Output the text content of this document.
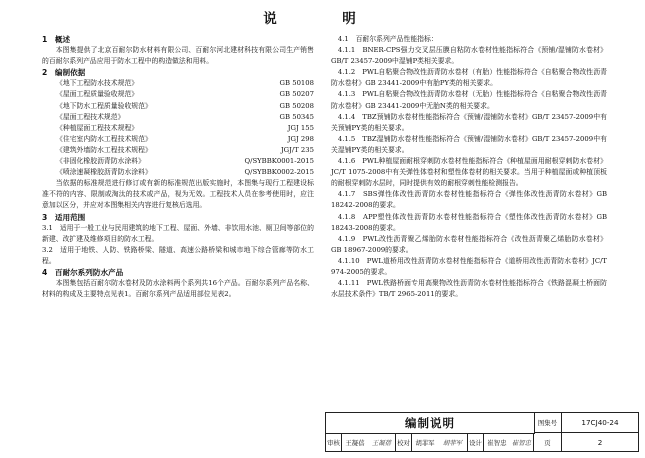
说　明
1　概述
本图集提供了北京百耐尔防水材料有限公司、百耐尔河北建材科技有限公司生产销售的百耐尔系列产品应用于防水工程中的构造做法和用料。
2　编制依据
《地下工程防水技术规范》	GB 50108
《屋面工程质量验收规范》	GB 50207
《地下防水工程质量验收规范》	GB 50208
《屋面工程技术规范》	GB 50345
《种植屋面工程技术规程》	JGJ 155
《住宅室内防水工程技术规范》	JGJ 298
《建筑外墙防水工程技术规程》	JGJ/T 235
《非固化橡胶沥青防水涂料》	Q/SYBBK0001-2015
《喷涂速凝橡胶沥青防水涂料》	Q/SYBBK0002-2015
当依据的标准规范进行修订或有新的标准规范出版实施时，本图集与现行工程建设标准不符的内容、限制或淘汰的技术或产品，视为无效。工程技术人员在参考使用时，应注意加以区分，并应对本图集相关内容进行复核后选用。
3　适用范围
3.1　适用于一般工业与民用建筑的地下工程、屋面、外墙、非饮用水池、厕卫间等部位的新建、改扩建及维修项目的防水工程。
3.2　适用于地铁、人防、铁路桥梁、隧道、高速公路桥梁和城市地下综合管廊等防水工程。
4　百耐尔系列防水产品
本图集包括百耐尔防水卷材及防水涂料两个系列共16个产品。百耐尔系列产品名称、材料的构成及主要特点见表1。百耐尔系列产品适用部位见表2。
4.1　百耐尔系列产品性能指标：
4.1.1　BNER-CPS强力交叉层压膜自粘防水卷材性能指标符合《预铺/湿铺防水卷材》GB/T 23457-2009中湿铺P类相关要求。
4.1.2　PWL自粘聚合物改性沥青防水卷材（有胎）性能指标符合《自粘聚合物改性沥青防水卷材》GB 23441-2009中有胎PY类的相关要求。
4.1.3　PWL自粘聚合物改性沥青防水卷材（无胎）性能指标符合《自粘聚合物改性沥青防水卷材》GB 23441-2009中无胎N类的相关要求。
4.1.4　TBZ预铺防水卷材性能指标符合《预铺/湿铺防水卷材》GB/T 23457-2009中有关预铺PY类的相关要求。
4.1.5　TBZ湿铺防水卷材性能指标符合《预铺/湿铺防水卷材》GB/T 23457-2009中有关湿铺PY类的相关要求。
4.1.6　PWL种植屋面耐根穿刺防水卷材性能指标符合《种植屋面用耐根穿刺防水卷材》JC/T 1075-2008中有关弹性体卷材和塑性体卷材的相关要求。当用于种植屋面或种植顶板的耐根穿刺防水层时，同时提供有效的耐根穿刺性能检测报告。
4.1.7　SBS弹性体改性沥青防水卷材性能指标符合《弹性体改性沥青防水卷材》GB 18242-2008的要求。
4.1.8　APP塑性体改性沥青防水卷材性能指标符合《塑性体改性沥青防水卷材》GB 18243-2008的要求。
4.1.9　PWL改性沥青聚乙烯胎防水卷材性能指标符合《改性沥青聚乙烯胎防水卷材》GB 18967-2009的要求。
4.1.10　PWL道桥用改性沥青防水卷材性能指标符合《道桥用改性沥青防水卷材》JC/T 974-2005的要求。
4.1.11　PWL铁路桥面专用高聚物改性沥青防水卷材性能指标符合《铁路混凝土桥面防水层技术条件》TB/T 2965-2011的要求。
编制说明	图集号	17CJ40-24
审核 王凝蓓	王凝蓓 校对 胡菲军	胡菲军	设计 崔智忠 崔智忠	页	2
